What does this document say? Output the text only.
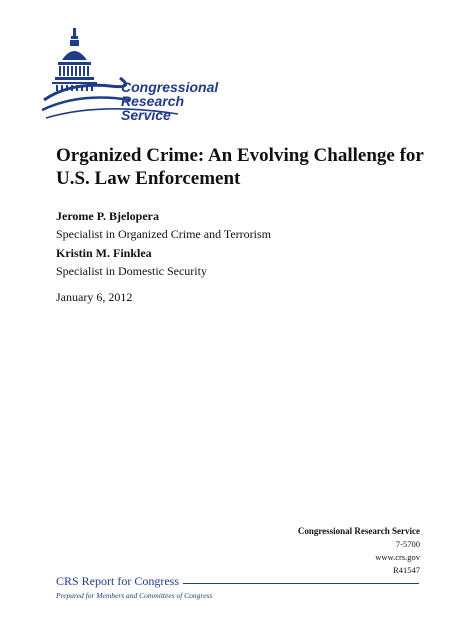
Congressional
Research
Service
Organized Crime: An Evolving Challenge for
U.S. Law Enforcement
Jerome P. Bjelopera
Specialist in Organized Crime and Terrorism
Kristin M. Finklea
Specialist in Domestic Security
January 6, 2012
Congressional Research Service
7-5700
www.crs.gov
R41547
CRS Report for Congress
Prepared for Members and Committees of Congress
